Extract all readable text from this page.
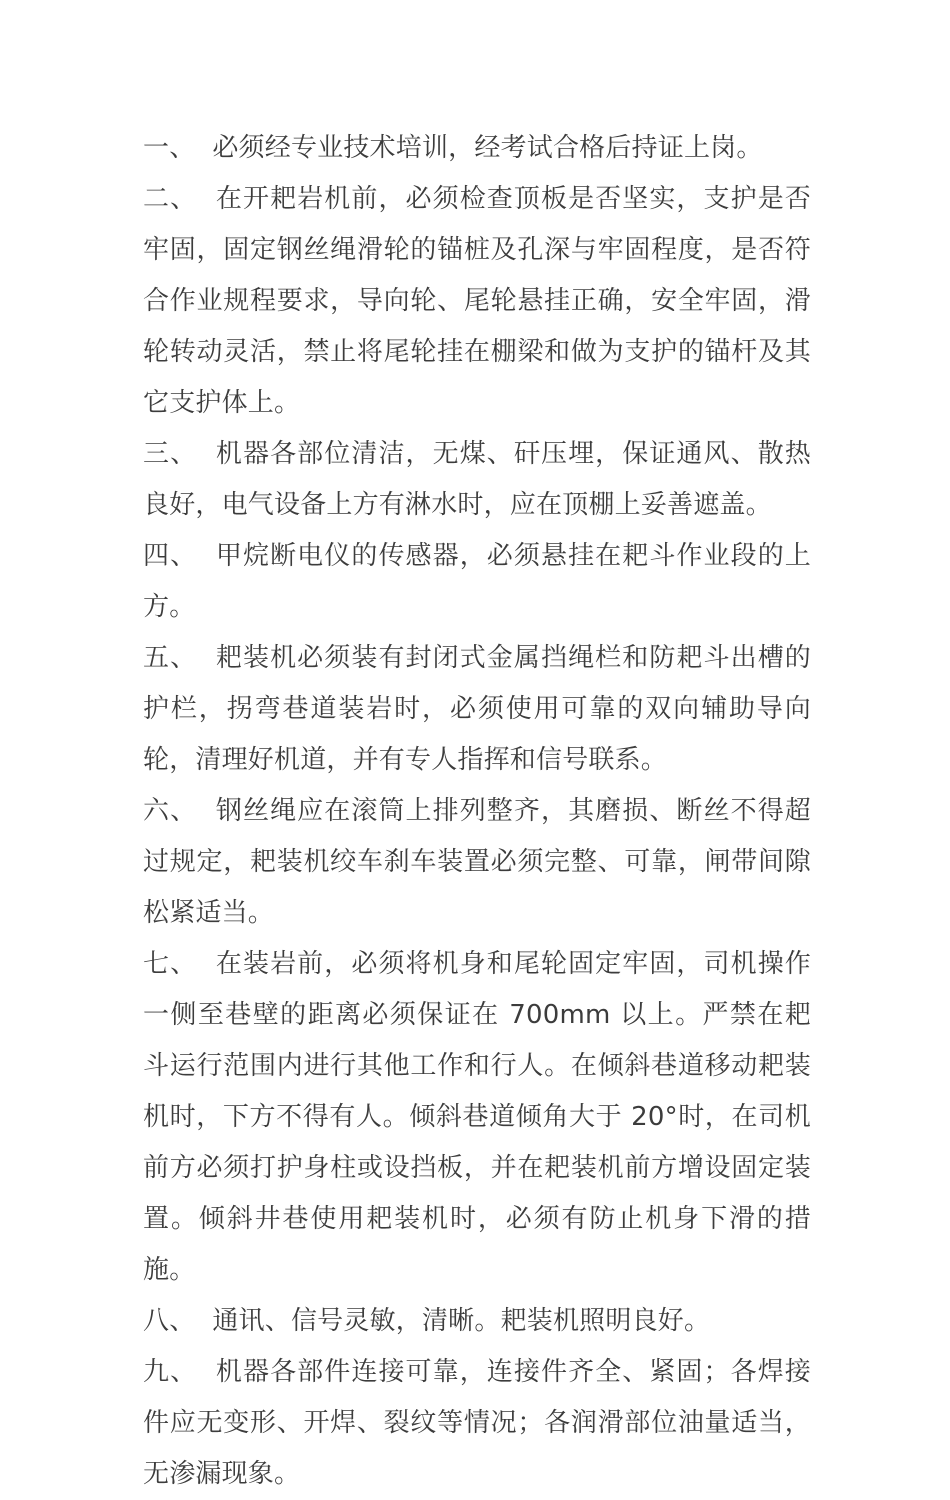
一、 必须经专业技术培训，经考试合格后持证上岗。

二、 在开耙岩机前，必须检查顶板是否坚实，支护是否牢固，固定钢丝绳滑轮的锚桩及孔深与牢固程度，是否符合作业规程要求，导向轮、尾轮悬挂正确，安全牢固，滑轮转动灵活，禁止将尾轮挂在棚梁和做为支护的锚杆及其它支护体上。

三、 机器各部位清洁，无煤、矸压埋，保证通风、散热良好，电气设备上方有淋水时，应在顶棚上妥善遮盖。

四、 甲烷断电仪的传感器，必须悬挂在耙斗作业段的上方。

五、 耙装机必须装有封闭式金属挡绳栏和防耙斗出槽的护栏，拐弯巷道装岩时，必须使用可靠的双向辅助导向轮，清理好机道，并有专人指挥和信号联系。

六、 钢丝绳应在滚筒上排列整齐，其磨损、断丝不得超过规定，耙装机绞车刹车装置必须完整、可靠，闸带间隙松紧适当。

七、 在装岩前，必须将机身和尾轮固定牢固，司机操作一侧至巷壁的距离必须保证在 700mm 以上。严禁在耙斗运行范围内进行其他工作和行人。在倾斜巷道移动耙装机时，下方不得有人。倾斜巷道倾角大于 20°时，在司机前方必须打护身柱或设挡板，并在耙装机前方增设固定装置。倾斜井巷使用耙装机时，必须有防止机身下滑的措施。

八、 通讯、信号灵敏，清晰。耙装机照明良好。

九、 机器各部件连接可靠，连接件齐全、紧固；各焊接件应无变形、开焊、裂纹等情况；各润滑部位油量适当，无渗漏现象。
